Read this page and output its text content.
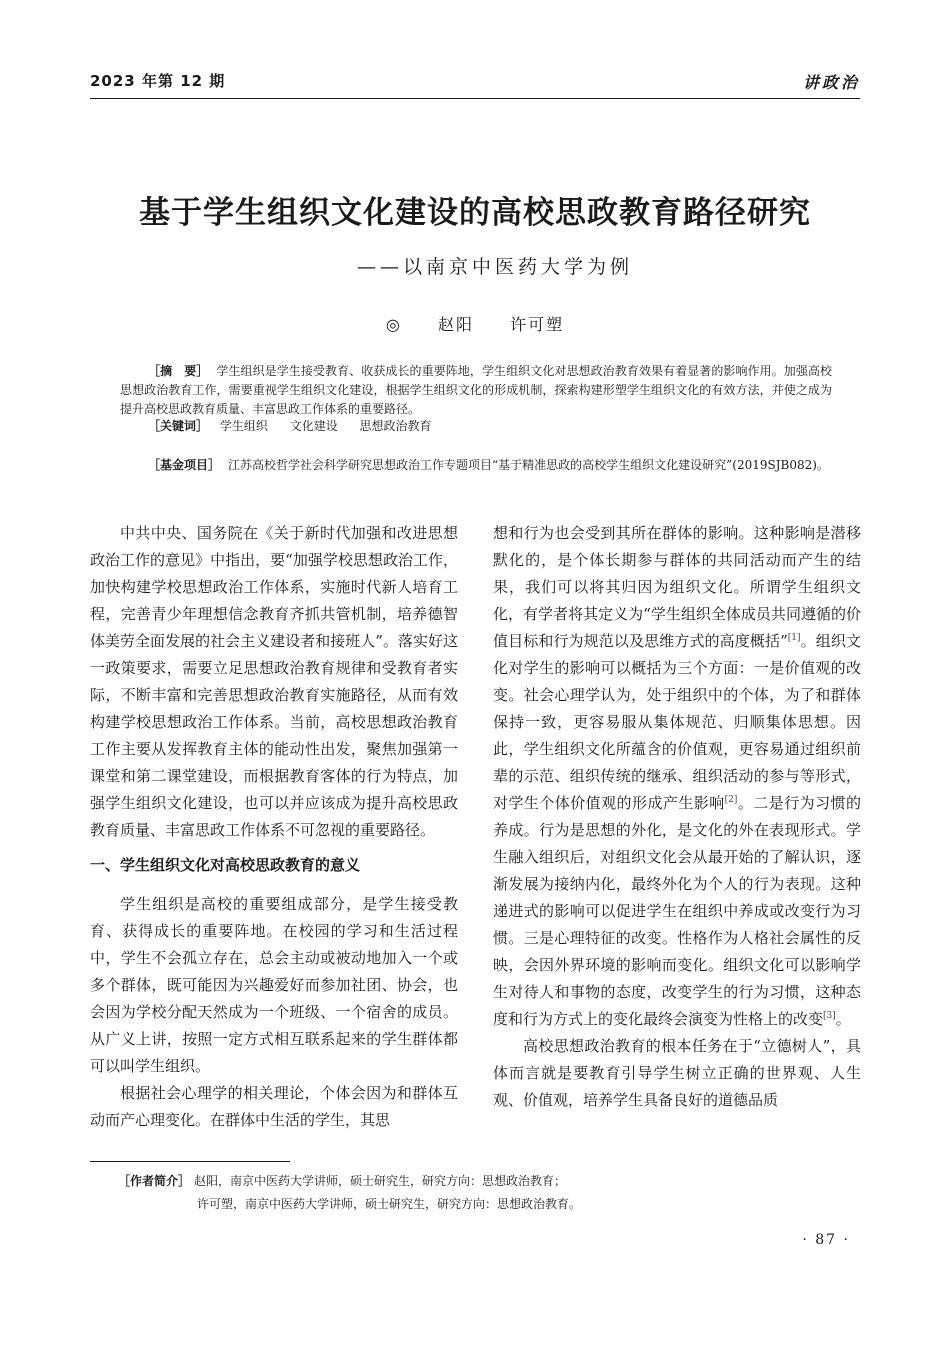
2023 年第 12 期	讲政治
基于学生组织文化建设的高校思政教育路径研究
——以南京中医药大学为例
◎ 赵阳 许可塑
［摘　要］ 学生组织是学生接受教育、收获成长的重要阵地，学生组织文化对思想政治教育效果有着显著的影响作用。加强高校思想政治教育工作，需要重视学生组织文化建设，根据学生组织文化的形成机制，探索构建形塑学生组织文化的有效方法，并使之成为提升高校思政教育质量、丰富思政工作体系的重要路径。
［关键词］ 学生组织 文化建设 思想政治教育
［基金项目］ 江苏高校哲学社会科学研究思想政治工作专题项目“基于精准思政的高校学生组织文化建设研究”(2019SJB082)。

中共中央、国务院在《关于新时代加强和改进思想政治工作的意见》中指出，要“加强学校思想政治工作，加快构建学校思想政治工作体系，实施时代新人培育工程，完善青少年理想信念教育齐抓共管机制，培养德智体美劳全面发展的社会主义建设者和接班人”。落实好这一政策要求，需要立足思想政治教育规律和受教育者实际，不断丰富和完善思想政治教育实施路径，从而有效构建学校思想政治工作体系。当前，高校思想政治教育工作主要从发挥教育主体的能动性出发，聚焦加强第一课堂和第二课堂建设，而根据教育客体的行为特点，加强学生组织文化建设，也可以并应该成为提升高校思政教育质量、丰富思政工作体系不可忽视的重要路径。

一、学生组织文化对高校思政教育的意义

学生组织是高校的重要组成部分，是学生接受教育、获得成长的重要阵地。在校园的学习和生活过程中，学生不会孤立存在，总会主动或被动地加入一个或多个群体，既可能因为兴趣爱好而参加社团、协会，也会因为学校分配天然成为一个班级、一个宿舍的成员。从广义上讲，按照一定方式相互联系起来的学生群体都可以叫学生组织。

根据社会心理学的相关理论，个体会因为和群体互动而产心理变化。在群体中生活的学生，其思

想和行为也会受到其所在群体的影响。这种影响是潜移默化的，是个体长期参与群体的共同活动而产生的结果，我们可以将其归因为组织文化。所谓学生组织文化，有学者将其定义为“学生组织全体成员共同遵循的价值目标和行为规范以及思维方式的高度概括”[1]。组织文化对学生的影响可以概括为三个方面：一是价值观的改变。社会心理学认为，处于组织中的个体，为了和群体保持一致，更容易服从集体规范、归顺集体思想。因此，学生组织文化所蕴含的价值观，更容易通过组织前辈的示范、组织传统的继承、组织活动的参与等形式，对学生个体价值观的形成产生影响[2]。二是行为习惯的养成。行为是思想的外化，是文化的外在表现形式。学生融入组织后，对组织文化会从最开始的了解认识，逐渐发展为接纳内化，最终外化为个人的行为表现。这种递进式的影响可以促进学生在组织中养成或改变行为习惯。三是心理特征的改变。性格作为人格社会属性的反映，会因外界环境的影响而变化。组织文化可以影响学生对待人和事物的态度，改变学生的行为习惯，这种态度和行为方式上的变化最终会演变为性格上的改变[3]。

高校思想政治教育的根本任务在于“立德树人”，具体而言就是要教育引导学生树立正确的世界观、人生观、价值观，培养学生具备良好的道德品质

［作者简介］ 赵阳，南京中医药大学讲师，硕士研究生，研究方向：思想政治教育；
许可塑，南京中医药大学讲师，硕士研究生，研究方向：思想政治教育。
· 87 ·
